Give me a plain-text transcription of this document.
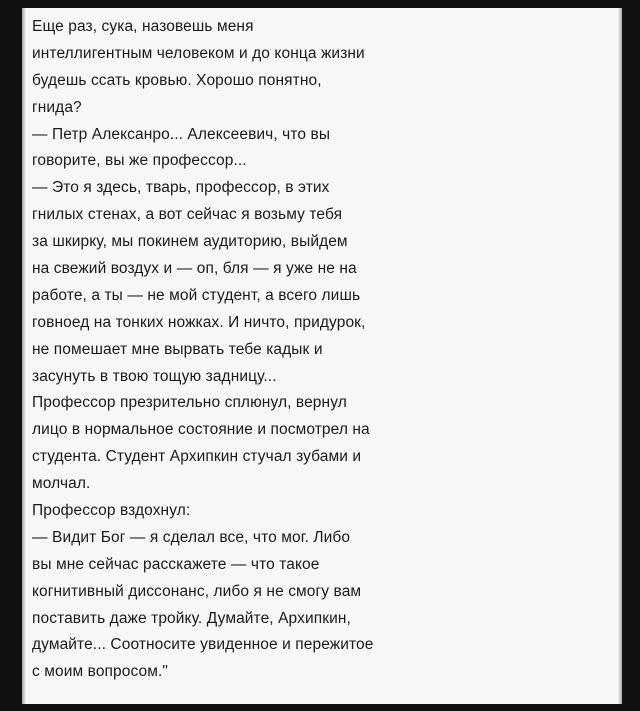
Еще раз, сука, назовешь меня
интеллигентным человеком и до конца жизни
будешь ссать кровью. Хорошо понятно,
гнида?
— Петр Алексанро... Алексеевич, что вы
говорите, вы же профессор...
— Это я здесь, тварь, профессор, в этих
гнилых стенах, а вот сейчас я возьму тебя
за шкирку, мы покинем аудиторию, выйдем
на свежий воздух и — оп, бля — я уже не на
работе, а ты — не мой студент, а всего лишь
говноед на тонких ножках. И ничто, придурок,
не помешает мне вырвать тебе кадык и
засунуть в твою тощую задницу...
Профессор презрительно сплюнул, вернул
лицо в нормальное состояние и посмотрел на
студента. Студент Архипкин стучал зубами и
молчал.
Профессор вздохнул:
— Видит Бог — я сделал все, что мог. Либо
вы мне сейчас расскажете — что такое
когнитивный диссонанс, либо я не смогу вам
поставить даже тройку. Думайте, Архипкин,
думайте... Соотносите увиденное и пережитое
с моим вопросом."
